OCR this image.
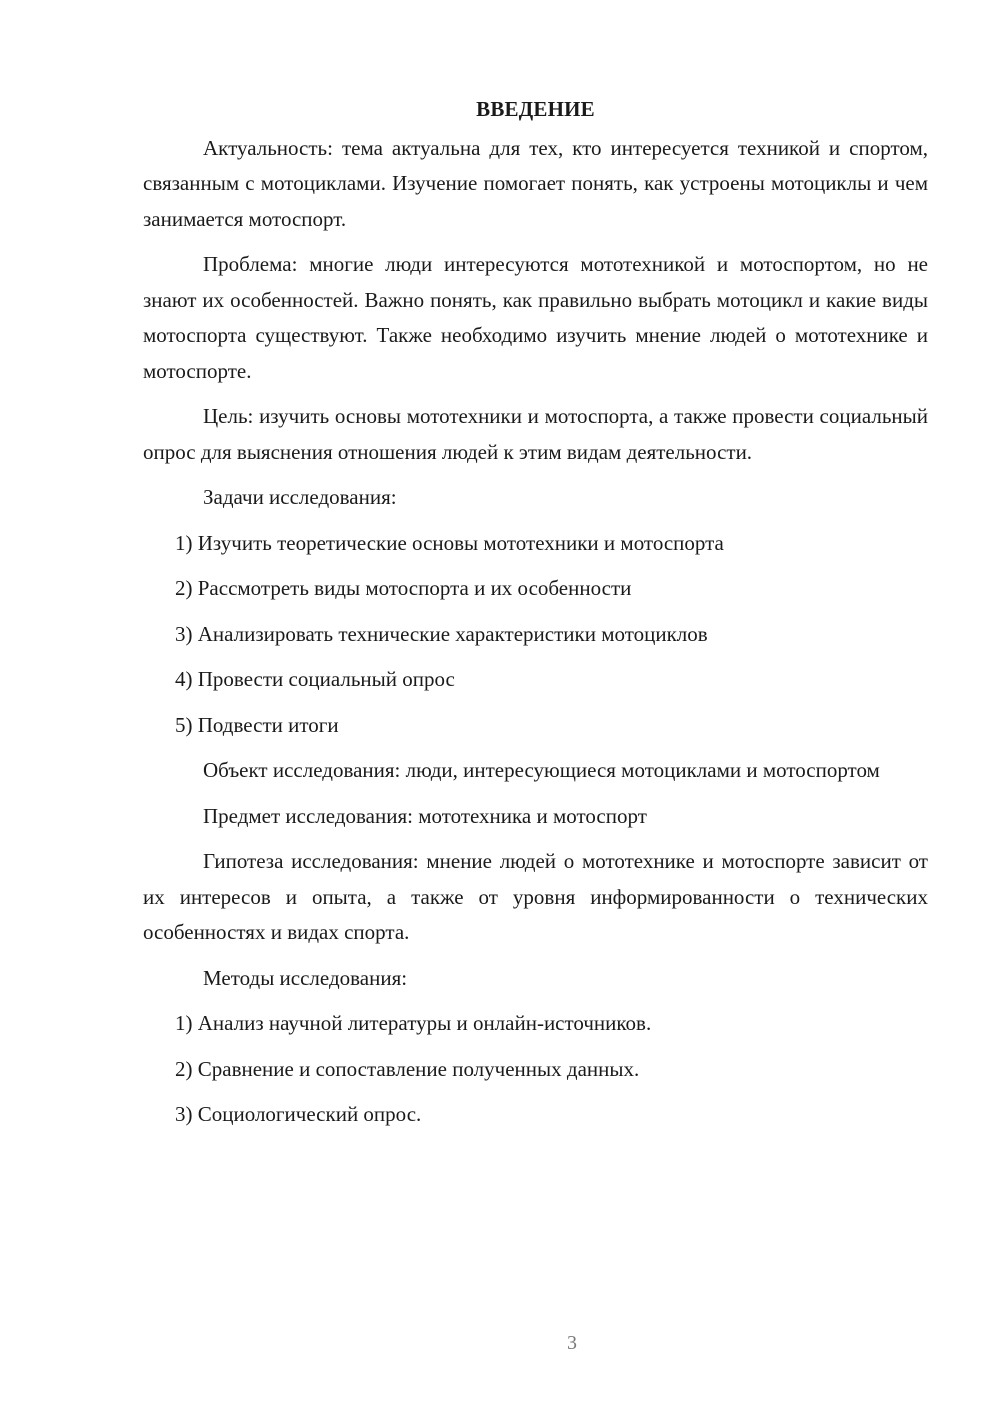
ВВЕДЕНИЕ

Актуальность: тема актуальна для тех, кто интересуется техникой и спортом, связанным с мотоциклами. Изучение помогает понять, как устроены мотоциклы и чем занимается мотоспорт.

Проблема: многие люди интересуются мототехникой и мотоспортом, но не знают их особенностей. Важно понять, как правильно выбрать мотоцикл и какие виды мотоспорта существуют. Также необходимо изучить мнение людей о мототехнике и мотоспорте.

Цель: изучить основы мототехники и мотоспорта, а также провести социальный опрос для выяснения отношения людей к этим видам деятельности.

Задачи исследования:

1) Изучить теоретические основы мототехники и мотоспорта
2) Рассмотреть виды мотоспорта и их особенности
3) Анализировать технические характеристики мотоциклов
4) Провести социальный опрос
5) Подвести итоги

Объект исследования: люди, интересующиеся мотоциклами и мотоспортом

Предмет исследования: мототехника и мотоспорт

Гипотеза исследования: мнение людей о мототехнике и мотоспорте зависит от их интересов и опыта, а также от уровня информированности о технических особенностях и видах спорта.

Методы исследования:

1) Анализ научной литературы и онлайн-источников.
2) Сравнение и сопоставление полученных данных.
3) Социологический опрос.
3
